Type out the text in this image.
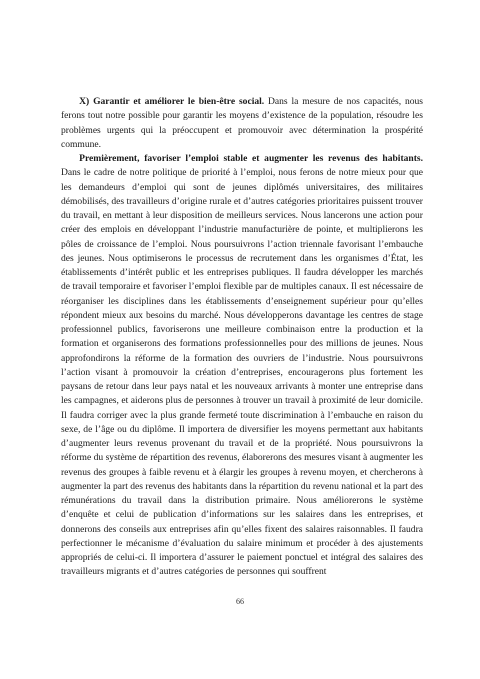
X) Garantir et améliorer le bien-être social. Dans la mesure de nos capacités, nous ferons tout notre possible pour garantir les moyens d’existence de la population, résoudre les problèmes urgents qui la préoccupent et promouvoir avec détermination la prospérité commune.

Premièrement, favoriser l’emploi stable et augmenter les revenus des habitants. Dans le cadre de notre politique de priorité à l’emploi, nous ferons de notre mieux pour que les demandeurs d’emploi qui sont de jeunes diplômés universitaires, des militaires démobilisés, des travailleurs d’origine rurale et d’autres catégories prioritaires puissent trouver du travail, en mettant à leur disposition de meilleurs services. Nous lancerons une action pour créer des emplois en développant l’industrie manufacturière de pointe, et multiplierons les pôles de croissance de l’emploi. Nous poursuivrons l’action triennale favorisant l’embauche des jeunes. Nous optimiserons le processus de recrutement dans les organismes d’État, les établissements d’intérêt public et les entreprises publiques. Il faudra développer les marchés de travail temporaire et favoriser l’emploi flexible par de multiples canaux. Il est nécessaire de réorganiser les disciplines dans les établissements d’enseignement supérieur pour qu’elles répondent mieux aux besoins du marché. Nous développerons davantage les centres de stage professionnel publics, favoriserons une meilleure combinaison entre la production et la formation et organiserons des formations professionnelles pour des millions de jeunes. Nous approfondirons la réforme de la formation des ouvriers de l’industrie. Nous poursuivrons l’action visant à promouvoir la création d’entreprises, encouragerons plus fortement les paysans de retour dans leur pays natal et les nouveaux arrivants à monter une entreprise dans les campagnes, et aiderons plus de personnes à trouver un travail à proximité de leur domicile. Il faudra corriger avec la plus grande fermeté toute discrimination à l’embauche en raison du sexe, de l’âge ou du diplôme. Il importera de diversifier les moyens permettant aux habitants d’augmenter leurs revenus provenant du travail et de la propriété. Nous poursuivrons la réforme du système de répartition des revenus, élaborerons des mesures visant à augmenter les revenus des groupes à faible revenu et à élargir les groupes à revenu moyen, et chercherons à augmenter la part des revenus des habitants dans la répartition du revenu national et la part des rémunérations du travail dans la distribution primaire. Nous améliorerons le système d’enquête et celui de publication d’informations sur les salaires dans les entreprises, et donnerons des conseils aux entreprises afin qu’elles fixent des salaires raisonnables. Il faudra perfectionner le mécanisme d’évaluation du salaire minimum et procéder à des ajustements appropriés de celui-ci. Il importera d’assurer le paiement ponctuel et intégral des salaires des travailleurs migrants et d’autres catégories de personnes qui souffrent

66
